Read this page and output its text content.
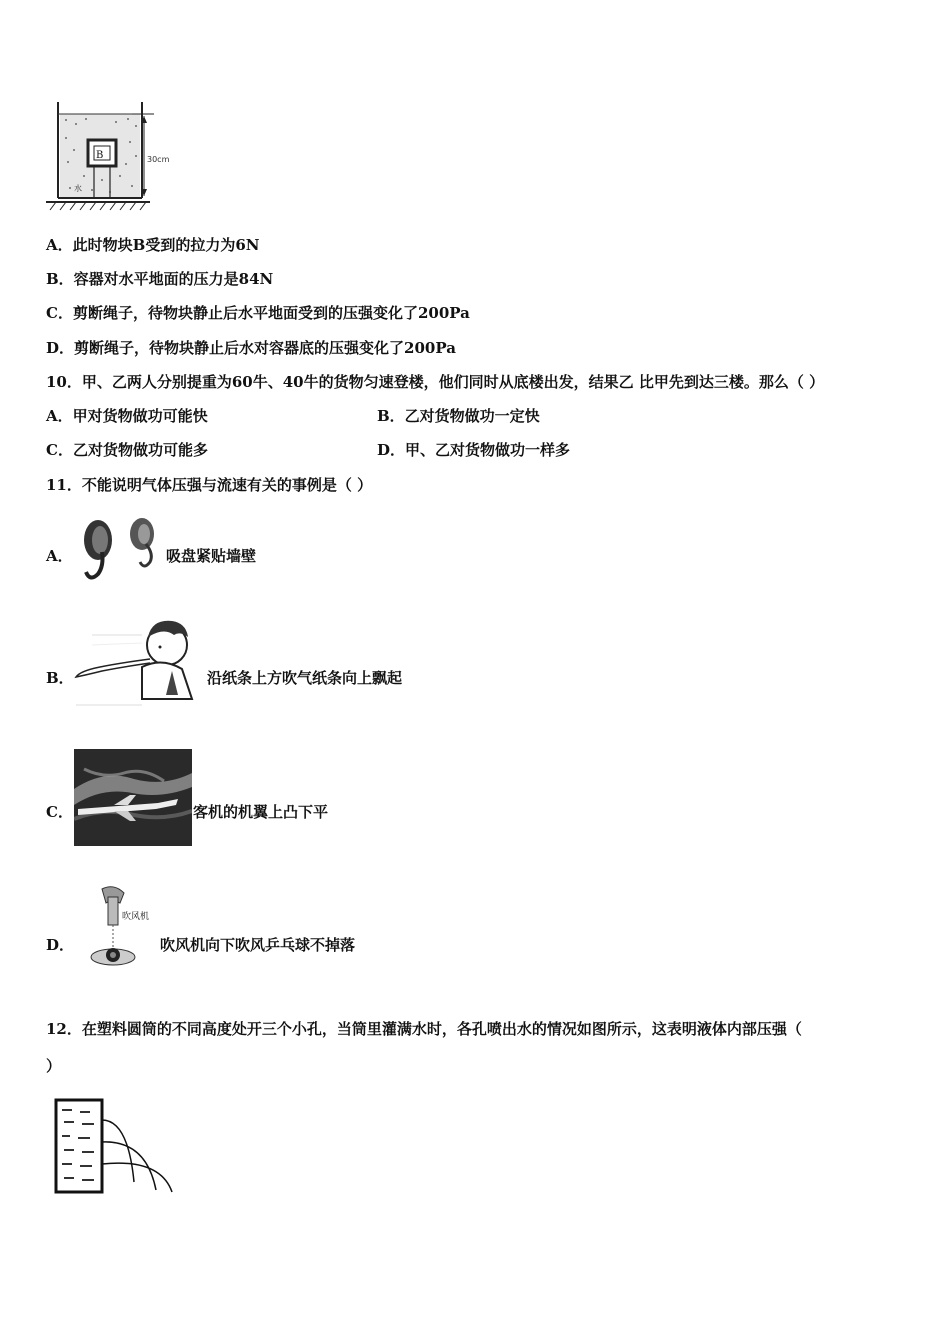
B	30cm
水
A．此时物块B受到的拉力为6N
B．容器对水平地面的压力是84N
C．剪断绳子，待物块静止后水平地面受到的压强变化了200Pa
D．剪断绳子，待物块静止后水对容器底的压强变化了200Pa
10．甲、乙两人分别提重为60牛、40牛的货物匀速登楼，他们同时从底楼出发，结果乙 比甲先到达三楼。那么（ ）
A．甲对货物做功可能快	B．乙对货物做功一定快
C．乙对货物做功可能多	D．甲、乙对货物做功一样多
11．不能说明气体压强与流速有关的事例是（ ）
A．	吸盘紧贴墙壁
B．	沿纸条上方吹气纸条向上飘起
C．	客机的机翼上凸下平
D．
吹风机
吹风机向下吹风乒乓球不掉落
12．在塑料圆筒的不同高度处开三个小孔，当筒里灌满水时，各孔喷出水的情况如图所示，这表明液体内部压强（
）
